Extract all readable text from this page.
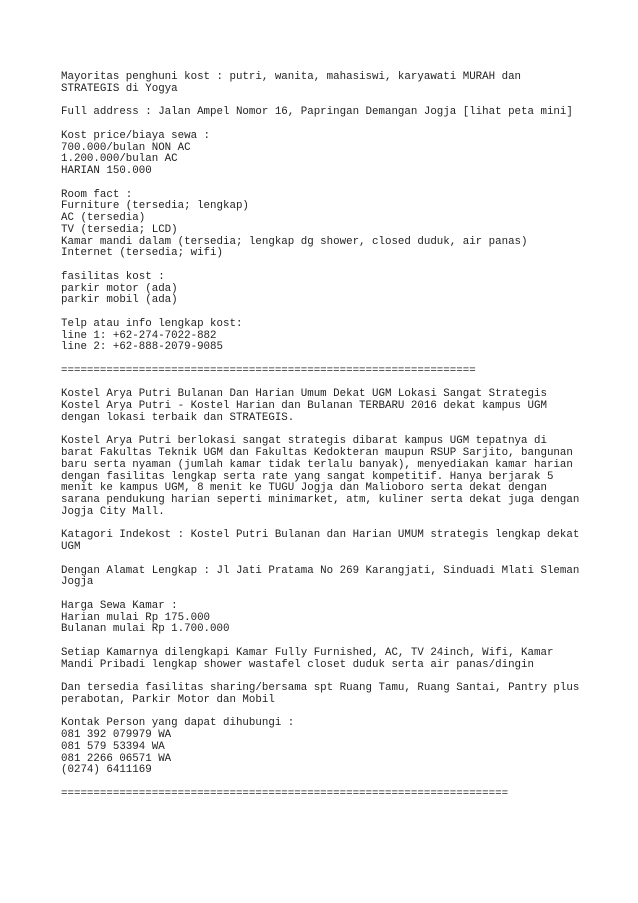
Mayoritas penghuni kost : putri, wanita, mahasiswi, karyawati MURAH dan
STRATEGIS di Yogya
Full address : Jalan Ampel Nomor 16, Papringan Demangan Jogja [lihat peta mini]
Kost price/biaya sewa :
700.000/bulan NON AC
1.200.000/bulan AC
HARIAN 150.000
Room fact :
Furniture (tersedia; lengkap)
AC (tersedia)
TV (tersedia; LCD)
Kamar mandi dalam (tersedia; lengkap dg shower, closed duduk, air panas)
Internet (tersedia; wifi)
fasilitas kost :
parkir motor (ada)
parkir mobil (ada)
Telp atau info lengkap kost:
line 1: +62-274-7022-882
line 2: +62-888-2079-9085
================================================================
Kostel Arya Putri Bulanan Dan Harian Umum Dekat UGM Lokasi Sangat Strategis
Kostel Arya Putri - Kostel Harian dan Bulanan TERBARU 2016 dekat kampus UGM
dengan lokasi terbaik dan STRATEGIS.
Kostel Arya Putri berlokasi sangat strategis dibarat kampus UGM tepatnya di
barat Fakultas Teknik UGM dan Fakultas Kedokteran maupun RSUP Sarjito, bangunan
baru serta nyaman (jumlah kamar tidak terlalu banyak), menyediakan kamar harian
dengan fasilitas lengkap serta rate yang sangat kompetitif. Hanya berjarak 5
menit ke kampus UGM, 8 menit ke TUGU Jogja dan Malioboro serta dekat dengan
sarana pendukung harian seperti minimarket, atm, kuliner serta dekat juga dengan
Jogja City Mall.
Katagori Indekost : Kostel Putri Bulanan dan Harian UMUM strategis lengkap dekat
UGM
Dengan Alamat Lengkap : Jl Jati Pratama No 269 Karangjati, Sinduadi Mlati Sleman
Jogja
Harga Sewa Kamar :
Harian mulai Rp 175.000
Bulanan mulai Rp 1.700.000
Setiap Kamarnya dilengkapi Kamar Fully Furnished, AC, TV 24inch, Wifi, Kamar
Mandi Pribadi lengkap shower wastafel closet duduk serta air panas/dingin
Dan tersedia fasilitas sharing/bersama spt Ruang Tamu, Ruang Santai, Pantry plus
perabotan, Parkir Motor dan Mobil
Kontak Person yang dapat dihubungi :
081 392 079979 WA
081 579 53394 WA
081 2266 06571 WA
(0274) 6411169
=====================================================================
